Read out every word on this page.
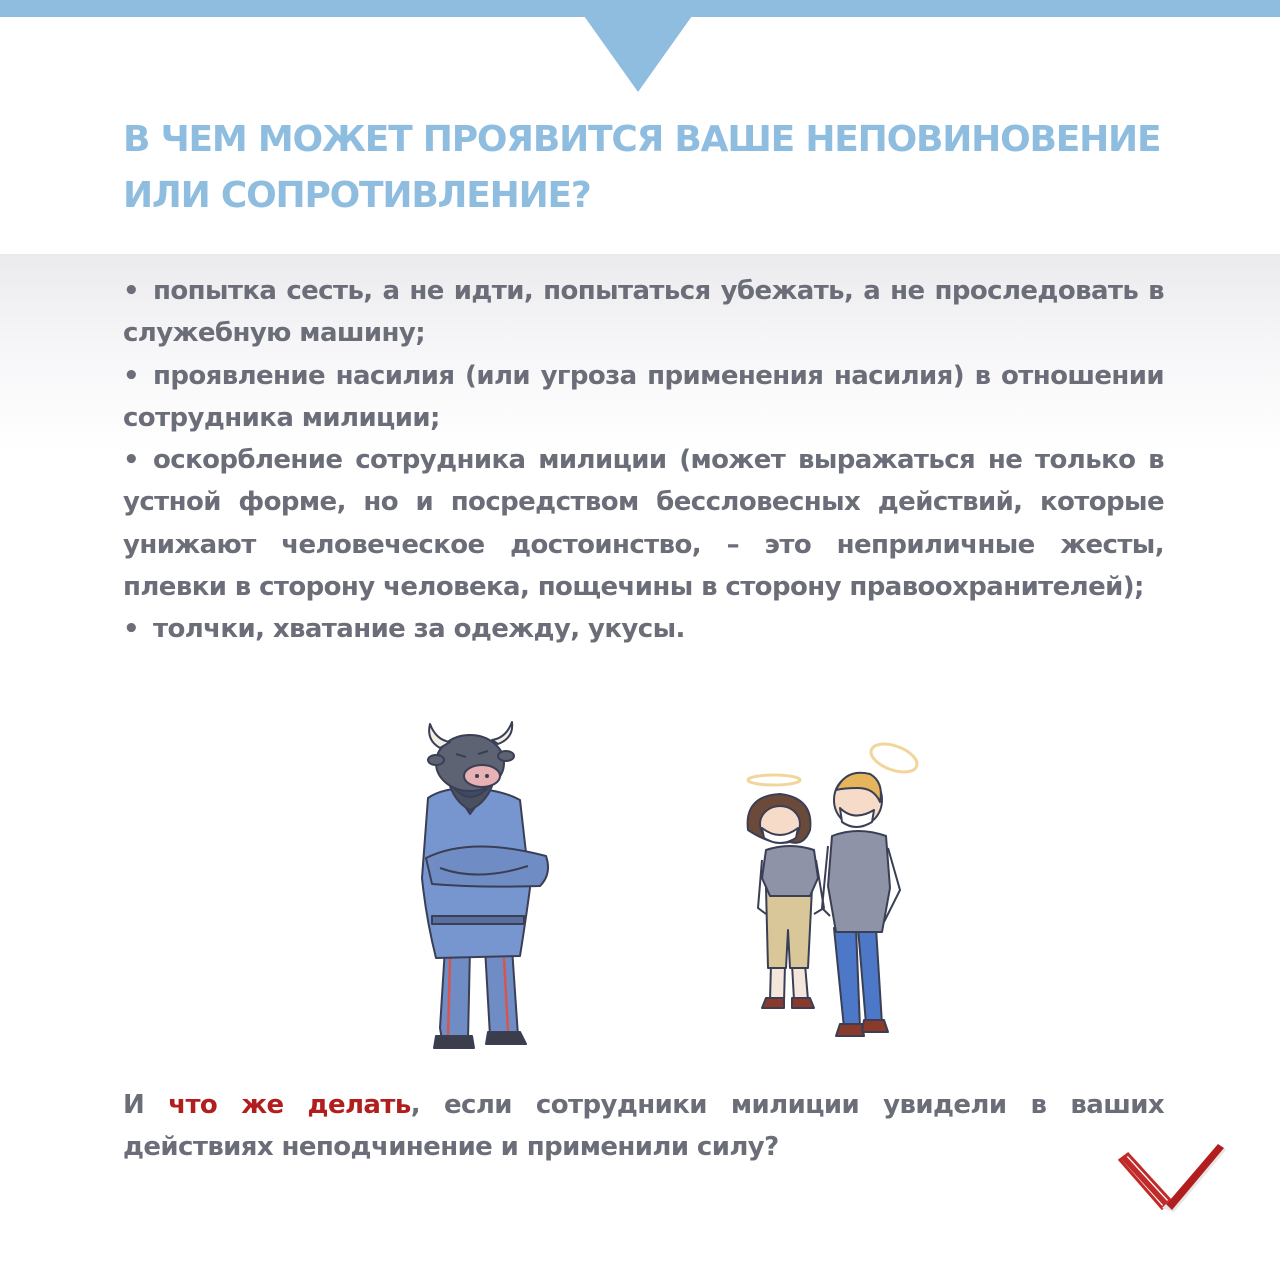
В ЧЕМ МОЖЕТ ПРОЯВИТСЯ ВАШЕ НЕПОВИНОВЕНИЕ
ИЛИ СОПРОТИВЛЕНИЕ?
• попытка сесть, а не идти, попытаться убежать, а не проследовать в служебную машину;
• проявление насилия (или угроза применения насилия) в отношении сотрудника милиции;
• оскорбление сотрудника милиции (может выражаться не только в устной форме, но и посредством бессловесных действий, которые унижают человеческое достоинство, – это неприличные жесты, плевки в сторону человека, пощечины в сторону правоохранителей);
• толчки, хватание за одежду, укусы.

И что же делать, если сотрудники милиции увидели в ваших действиях неподчинение и применили силу?
